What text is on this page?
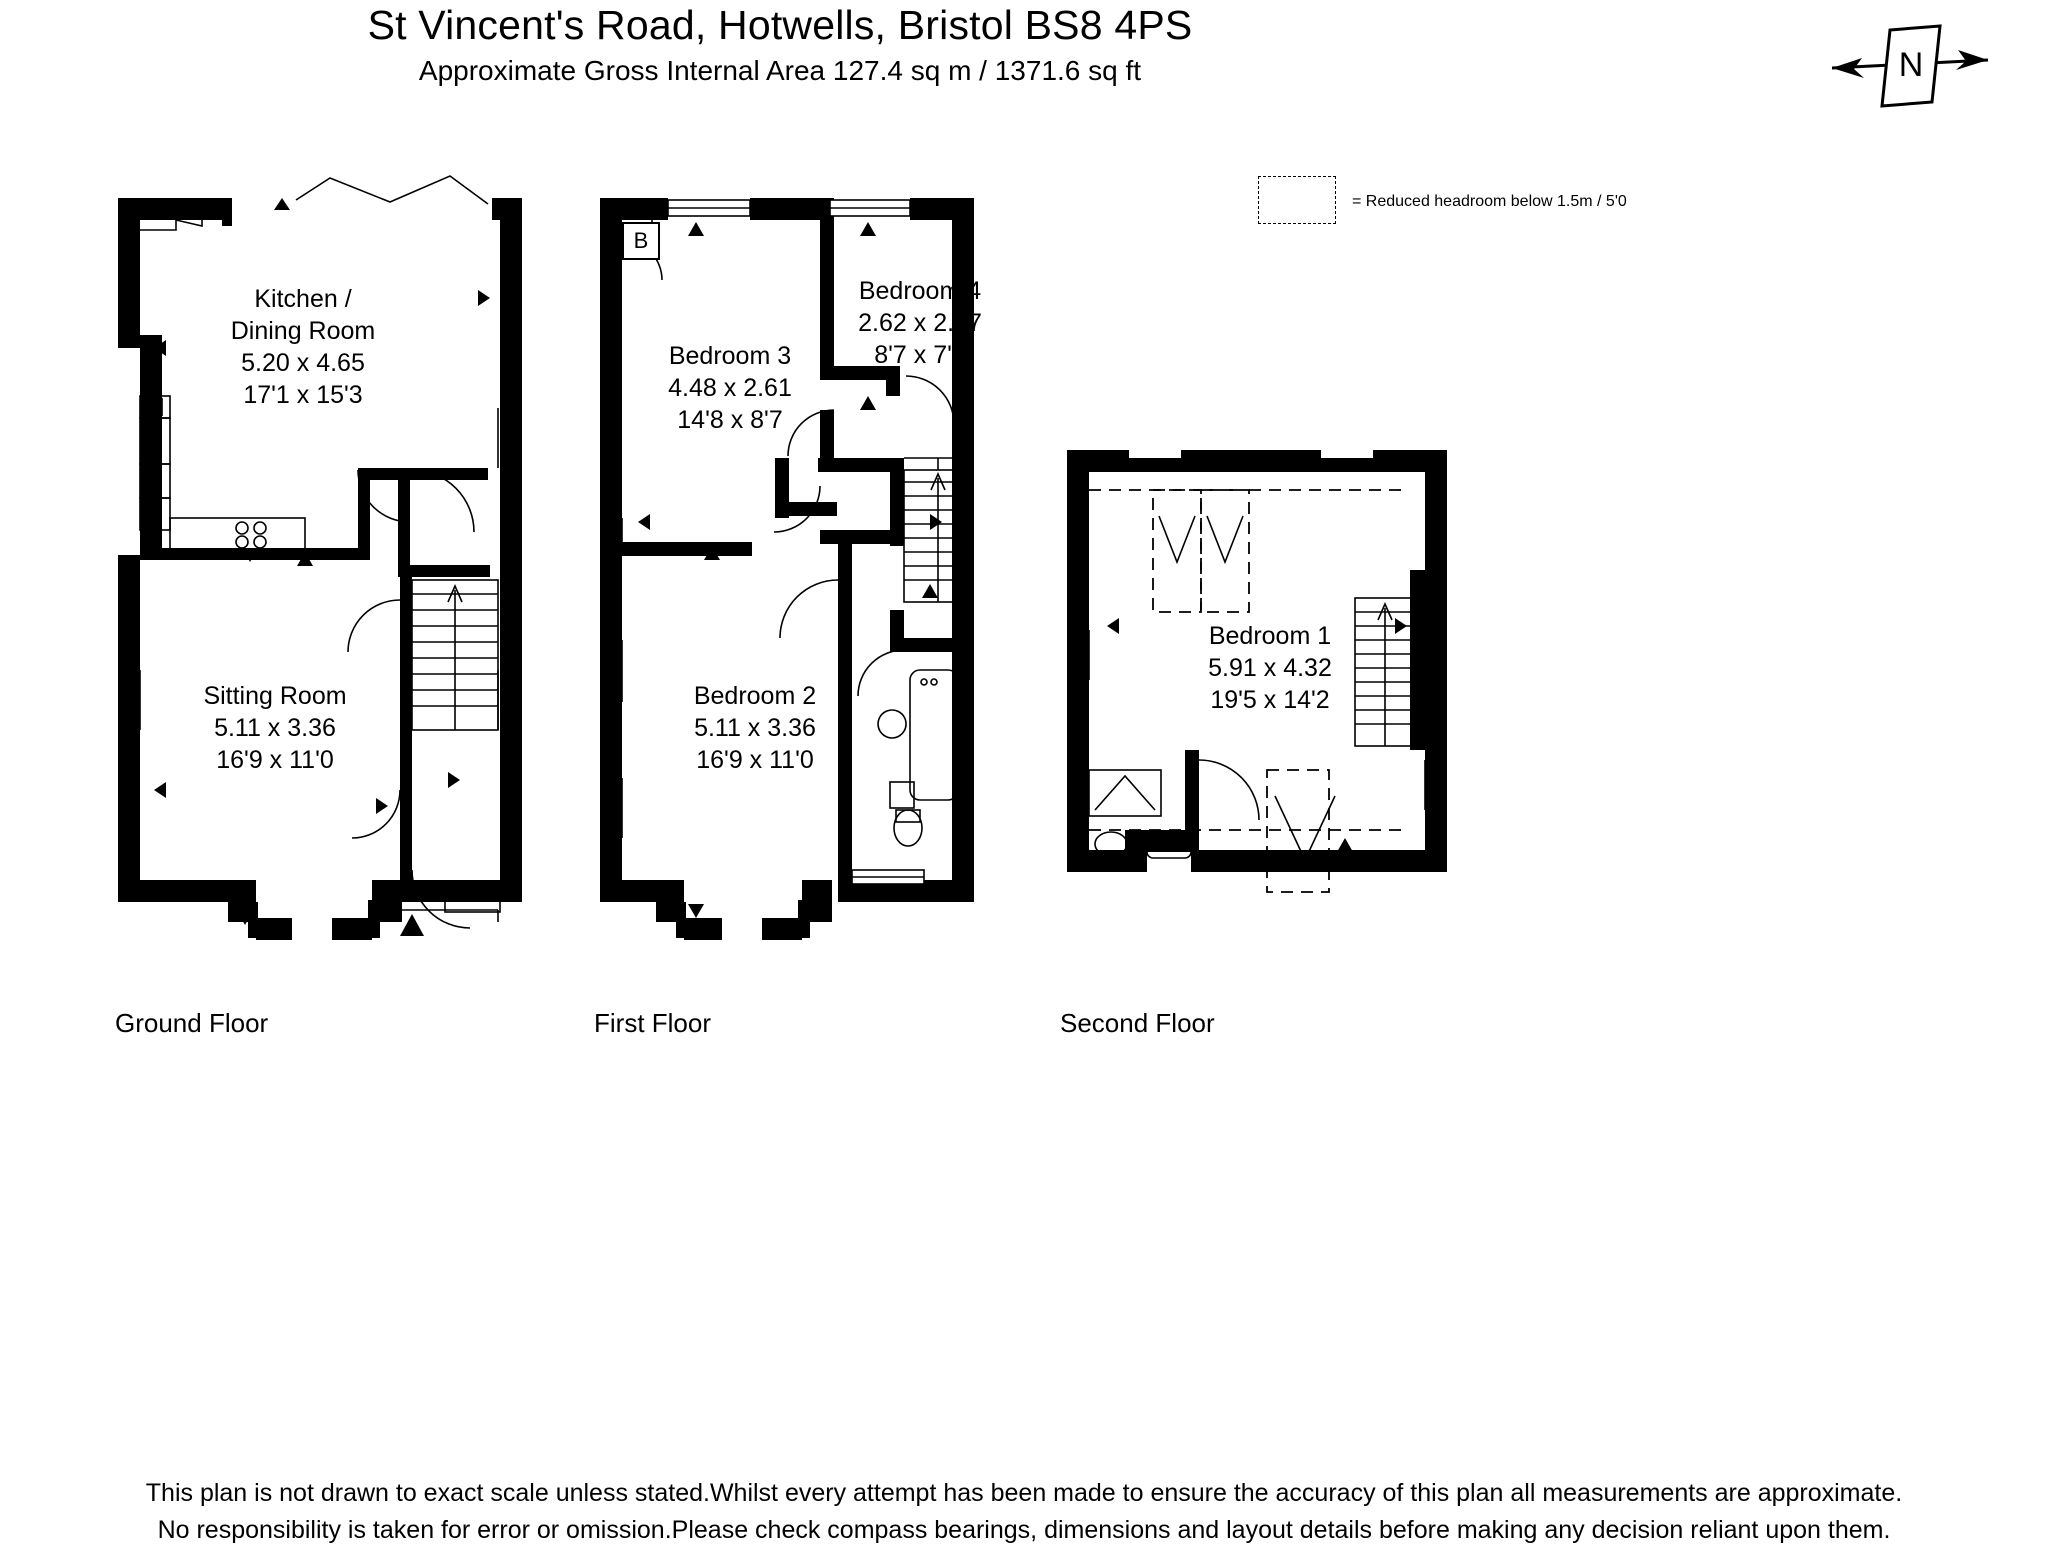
St Vincent's Road, Hotwells, Bristol BS8 4PS
Approximate Gross Internal Area 127.4 sq m / 1371.6 sq ft	N
= Reduced headroom below 1.5m / 5'0
Kitchen /
Dining Room
5.20 x 4.65
17'1 x 15'3
Sitting Room
5.11 x 3.36
16'9 x 11'0
Ground Floor
B
Bedroom 4
2.62 x 2.37
8'7 x 7'9
Bedroom 3
4.48 x 2.61
14'8 x 8'7
Bedroom 2
5.11 x 3.36
16'9 x 11'0
First Floor
Bedroom 1
5.91 x 4.32
19'5 x 14'2
Second Floor
This plan is not drawn to exact scale unless stated.Whilst every attempt has been made to ensure the accuracy of this plan all measurements are approximate.
No responsibility is taken for error or omission.Please check compass bearings, dimensions and layout details before making any decision reliant upon them.
